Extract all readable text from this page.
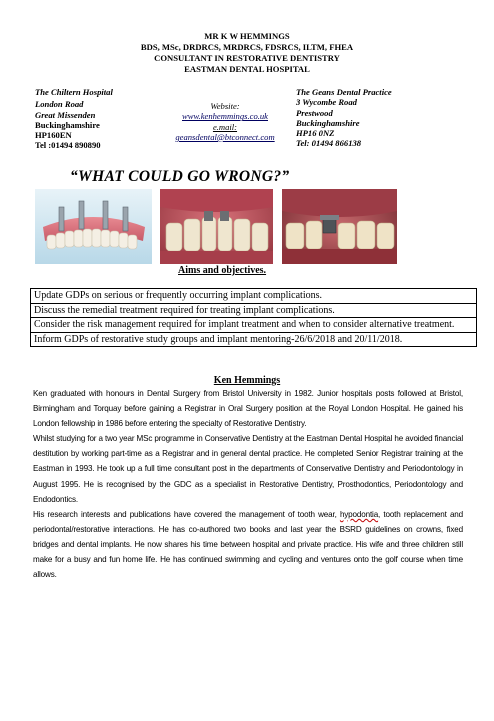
MR K W HEMMINGS
BDS, MSc, DRDRCS, MRDRCS, FDSRCS, ILTM, FHEA
CONSULTANT IN RESTORATIVE DENTISTRY
EASTMAN DENTAL HOSPITAL
The Chiltern Hospital
London Road
Great Missenden
Buckinghamshire
HP160EN
Tel :01494 890890
Website:
www.kenhemmings.co.uk
e.mail:
geansdental@btconnect.com
The Geans Dental Practice
3 Wycombe Road
Prestwood
Buckinghamshire
HP16 0NZ
Tel: 01494 866138
“WHAT COULD GO WRONG?”
Aims and objectives.
Update GDPs on serious or frequently occurring implant complications.
Discuss the remedial treatment required for treating implant complications.
Consider the risk management required for implant treatment and when to consider alternative treatment.
Inform GDPs of restorative study groups and implant mentoring-26/6/2018 and 20/11/2018.
Ken Hemmings

Ken graduated with honours in Dental Surgery from Bristol University in 1982. Junior hospitals posts followed at Bristol, Birmingham and Torquay before gaining a Registrar in Oral Surgery position at the Royal London Hospital. He gained his London fellowship in 1986 before entering the specialty of Restorative Dentistry.

Whilst studying for a two year MSc programme in Conservative Dentistry at the Eastman Dental Hospital he avoided financial destitution by working part-time as a Registrar and in general dental practice. He completed Senior Registrar training at the Eastman in 1993. He took up a full time consultant post in the departments of Conservative Dentistry and Periodontology in August 1995. He is recognised by the GDC as a specialist in Restorative Dentistry, Prosthodontics, Periodontology and Endodontics.

His research interests and publications have covered the management of tooth wear, hypodontia, tooth replacement and periodontal/restorative interactions. He has co-authored two books and last year the BSRD guidelines on crowns, fixed bridges and dental implants. He now shares his time between hospital and private practice. His wife and three children still make for a busy and fun home life. He has continued swimming and cycling and ventures onto the golf course when time allows.
